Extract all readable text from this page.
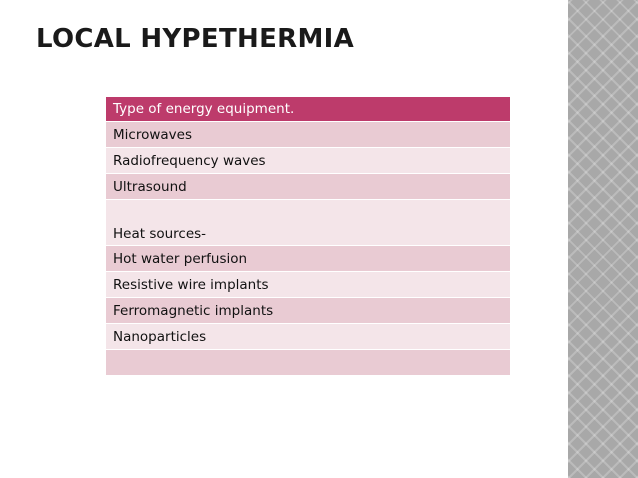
LOCAL HYPETHERMIA
Type of energy equipment.
Microwaves
Radiofrequency waves
Ultrasound
Heat sources-
Hot water perfusion
Resistive wire implants
Ferromagnetic implants
Nanoparticles
